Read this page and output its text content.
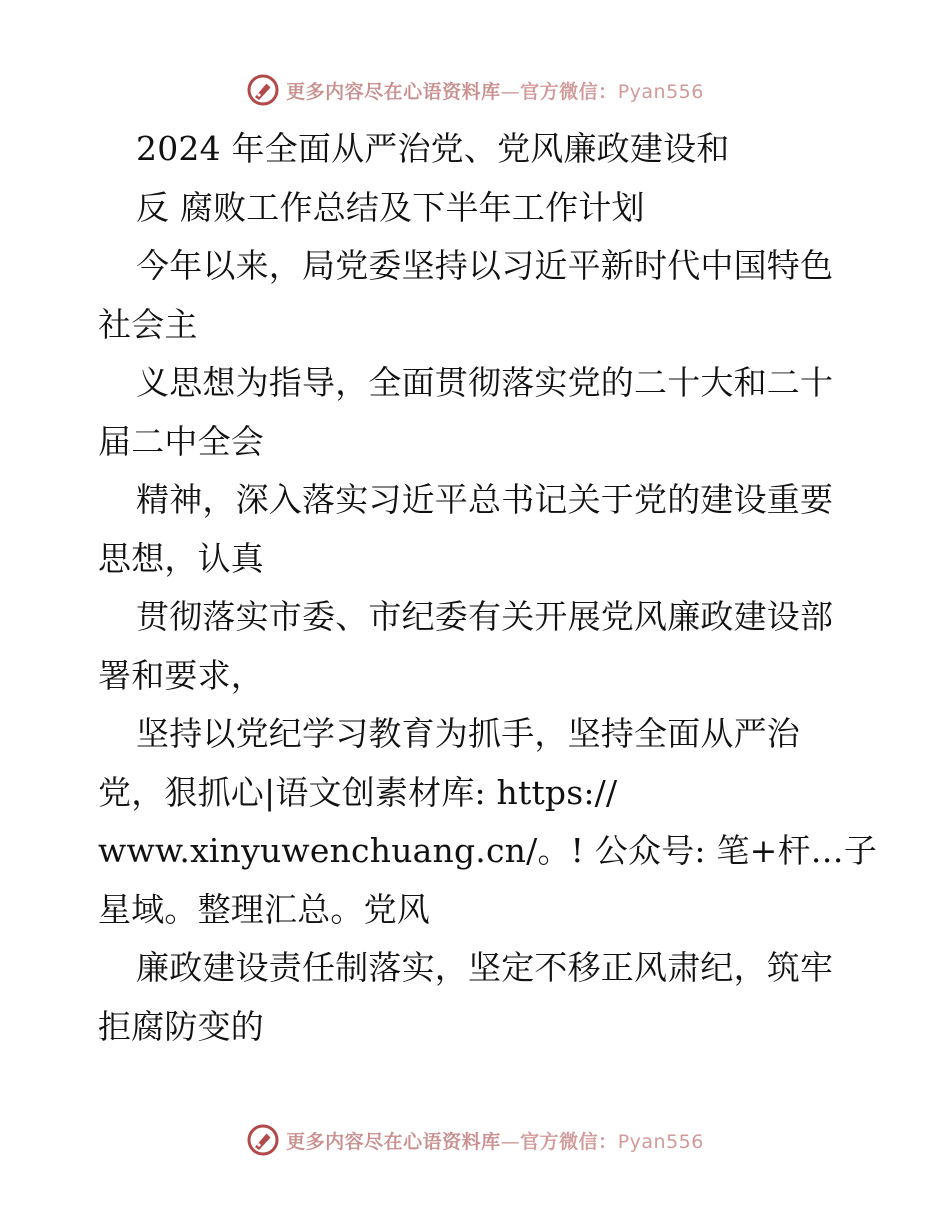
更多内容尽在心语资料库—官方微信：Pyan556
2024 年全面从严治党、党风廉政建设和
反 腐败工作总结及下半年工作计划
今年以来，局党委坚持以习近平新时代中国特色
社会主
义思想为指导，全面贯彻落实党的二十大和二十
届二中全会
精神，深入落实习近平总书记关于党的建设重要
思想，认真
贯彻落实市委、市纪委有关开展党风廉政建设部
署和要求，
坚持以党纪学习教育为抓手，坚持全面从严治
党，狠抓心|语文创素材库: https://
www.xinyuwenchuang.cn/。! 公众号: 笔+杆…子
星域。整理汇总。党风
廉政建设责任制落实，坚定不移正风肃纪，筑牢
拒腐防变的
更多内容尽在心语资料库—官方微信：Pyan556
